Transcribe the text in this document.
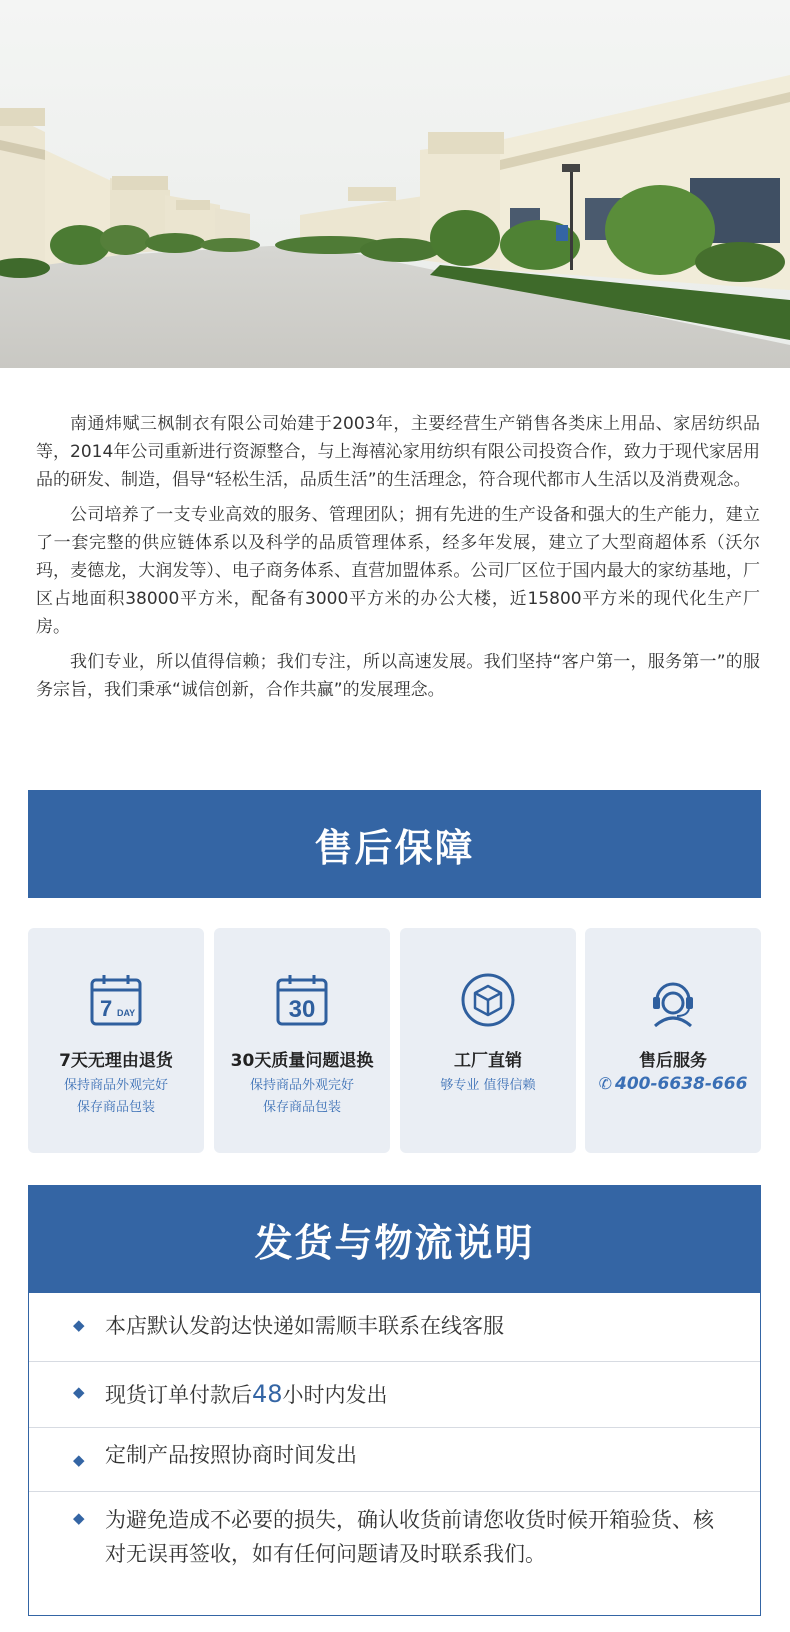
南通炜赋三枫制衣有限公司始建于2003年，主要经营生产销售各类床上用品、家居纺织品等，2014年公司重新进行资源整合，与上海禧沁家用纺织有限公司投资合作，致力于现代家居用品的研发、制造，倡导“轻松生活，品质生活”的生活理念，符合现代都市人生活以及消费观念。

公司培养了一支专业高效的服务、管理团队；拥有先进的生产设备和强大的生产能力，建立了一套完整的供应链体系以及科学的品质管理体系，经多年发展，建立了大型商超体系（沃尔玛，麦德龙，大润发等）、电子商务体系、直营加盟体系。公司厂区位于国内最大的家纺基地，厂区占地面积38000平方米，配备有3000平方米的办公大楼，近15800平方米的现代化生产厂房。

我们专业，所以值得信赖；我们专注，所以高速发展。我们坚持“客户第一，服务第一”的服务宗旨，我们秉承“诚信创新，合作共赢”的发展理念。

售后保障
7 DAY
7天无理由退货
保持商品外观完好
保存商品包装
30
30天质量问题退换
保持商品外观完好
保存商品包装
工厂直销
够专业 值得信赖
售后服务
✆ 400-6638-666
发货与物流说明
◆ 本店默认发韵达快递如需顺丰联系在线客服
◆ 现货订单付款后48小时内发出
◆ 定制产品按照协商时间发出
◆ 为避免造成不必要的损失，确认收货前请您收货时候开箱验货、核对无误再签收，如有任何问题请及时联系我们。
